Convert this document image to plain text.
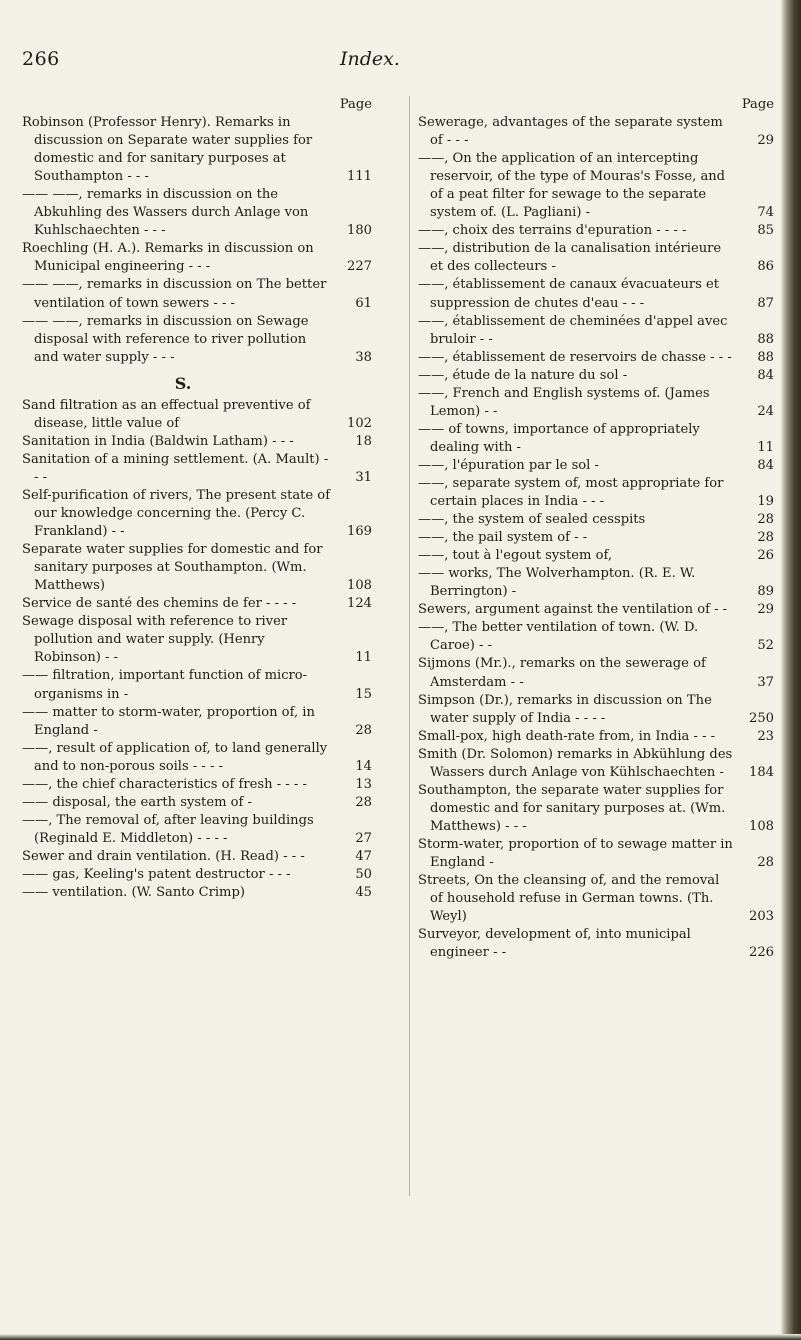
266	Index.
Page
Robinson (Professor Henry). Remarks in discussion on Separate water supplies for domestic and for sanitary purposes at Southampton - - -	111
—— ——, remarks in discussion on the Abkuhling des Wassers durch Anlage von Kuhlschaechten - - -	180
Roechling (H. A.). Remarks in discussion on Municipal engineering - - -	227
—— ——, remarks in discussion on The better ventilation of town sewers - - -	61
—— ——, remarks in discussion on Sewage disposal with reference to river pollution and water supply - - -	38
S.
Sand filtration as an effectual preventive of disease, little value of	102
Sanitation in India (Baldwin Latham) - - -	18
Sanitation of a mining settlement. (A. Mault) - - -	31
Self-purification of rivers, The present state of our knowledge concerning the. (Percy C. Frankland) - -	169
Separate water supplies for domestic and for sanitary purposes at Southampton. (Wm. Matthews)	108
Service de santé des chemins de fer - - - -	124
Sewage disposal with reference to river pollution and water supply. (Henry Robinson) - -	11
—— filtration, important function of micro-organisms in -	15
—— matter to storm-water, proportion of, in England -	28
——, result of application of, to land generally and to non-porous soils - - - -	14
——, the chief characteristics of fresh - - - -	13
—— disposal, the earth system of -	28
——, The removal of, after leaving buildings (Reginald E. Middleton) - - - -	27
Sewer and drain ventilation. (H. Read) - - -	47
—— gas, Keeling's patent destructor - - -	50
—— ventilation. (W. Santo Crimp)	45
Page
Sewerage, advantages of the separate system of - - -	29
——, On the application of an intercepting reservoir, of the type of Mouras's Fosse, and of a peat filter for sewage to the separate system of. (L. Pagliani) -	74
——, choix des terrains d'epuration - - - -	85
——, distribution de la canalisation intérieure et des collecteurs -	86
——, établissement de canaux évacuateurs et suppression de chutes d'eau - - -	87
——, établissement de cheminées d'appel avec bruloir - -	88
——, établissement de reservoirs de chasse - - -	88
——, étude de la nature du sol -	84
——, French and English systems of. (James Lemon) - -	24
—— of towns, importance of appropriately dealing with -	11
——, l'épuration par le sol -	84
——, separate system of, most appropriate for certain places in India - - -	19
——, the system of sealed cesspits	28
——, the pail system of - -	28
——, tout à l'egout system of,	26
—— works, The Wolverhampton. (R. E. W. Berrington) -	89
Sewers, argument against the ventilation of - -	29
——, The better ventilation of town. (W. D. Caroe) - -	52
Sijmons (Mr.)., remarks on the sewerage of Amsterdam - -	37
Simpson (Dr.), remarks in discussion on The water supply of India - - - -	250
Small-pox, high death-rate from, in India - - -	23
Smith (Dr. Solomon) remarks in Abkühlung des Wassers durch Anlage von Kühlschaechten -	184
Southampton, the separate water supplies for domestic and for sanitary purposes at. (Wm. Matthews) - - -	108
Storm-water, proportion of to sewage matter in England -	28
Streets, On the cleansing of, and the removal of household refuse in German towns. (Th. Weyl)	203
Surveyor, development of, into municipal engineer - -	226
